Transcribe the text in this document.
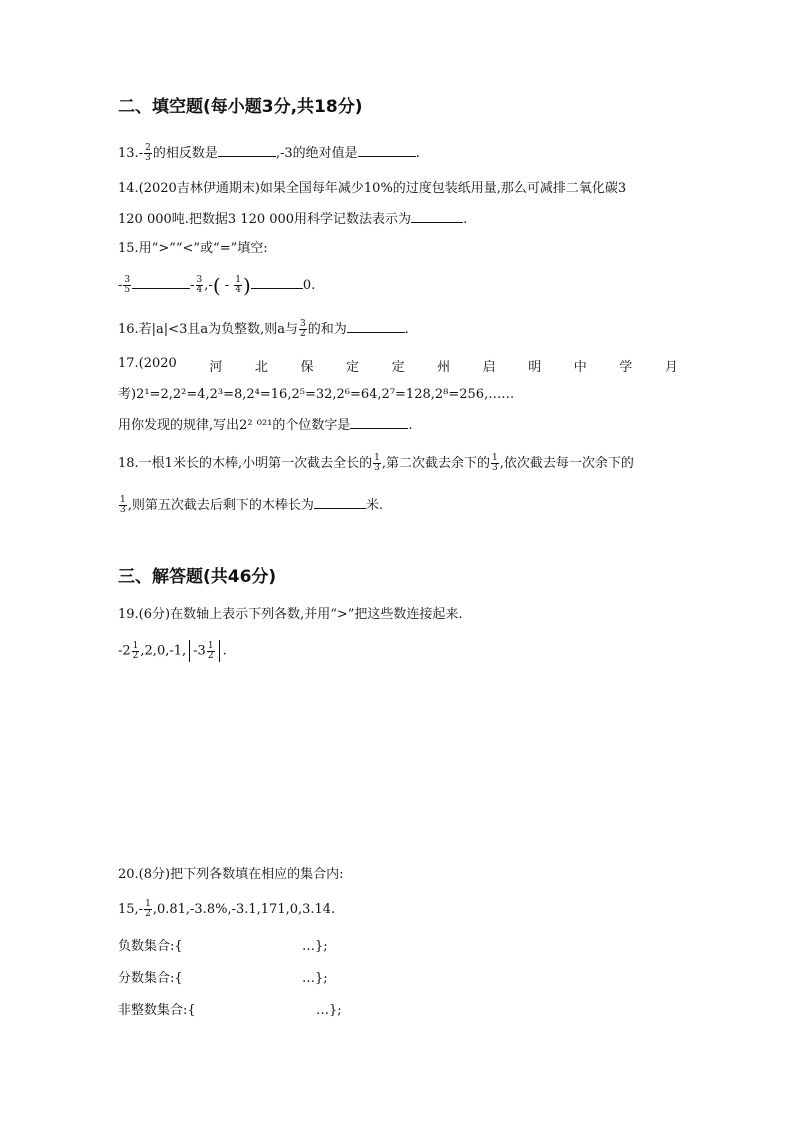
二、填空题(每小题3分,共18分)
$13.- \frac{2}{3}$ 的相反数是	,-3的绝对值是	.
14.(2020吉林伊通期末)如果全国每年减少10%的过度包装纸用量,那么可减排二氧化碳3
120 000吨.把数据3 120 000用科学记数法表示为	.
15.用“>”“<”或“=”填空:
- $\frac{3}{5}$	- $\frac{3}{4}$ ,-( - $\frac{1}{4}$ )	0.
16.若|a|<3且a为负整数,则a与 $\frac{3}{2}$ 的和为	.
17.(2020	河	北	保	定	定	州	启	明	中	学	月
考)2¹=2,2²=4,2³=8,2⁴=16,2⁵=32,2⁶=64,2⁷=128,2⁸=256,……
用你发现的规律,写出2² ⁰²¹的个位数字是	.
18.一根1米长的木棒,小明第一次截去全长的 $\frac{1}{3}$ ,第二次截去余下的 $\frac{1}{3}$ ,依次截去每一次余下的
$\frac{1}{3}$ ,则第五次截去后剩下的木棒长为	米.
三、解答题(共46分)
19.(6分)在数轴上表示下列各数,并用“>”把这些数连接起来.
$-2 \frac{1}{2} ,2,0,-1$, $-3 \frac{1}{2}$ .
20.(8分)把下列各数填在相应的集合内:
$15,- \frac{1}{2} ,0.81,-3.8\%,-3.1,171,0,3.14$.
负数集合:{	…};
分数集合:{	…};
非整数集合:{	…};
